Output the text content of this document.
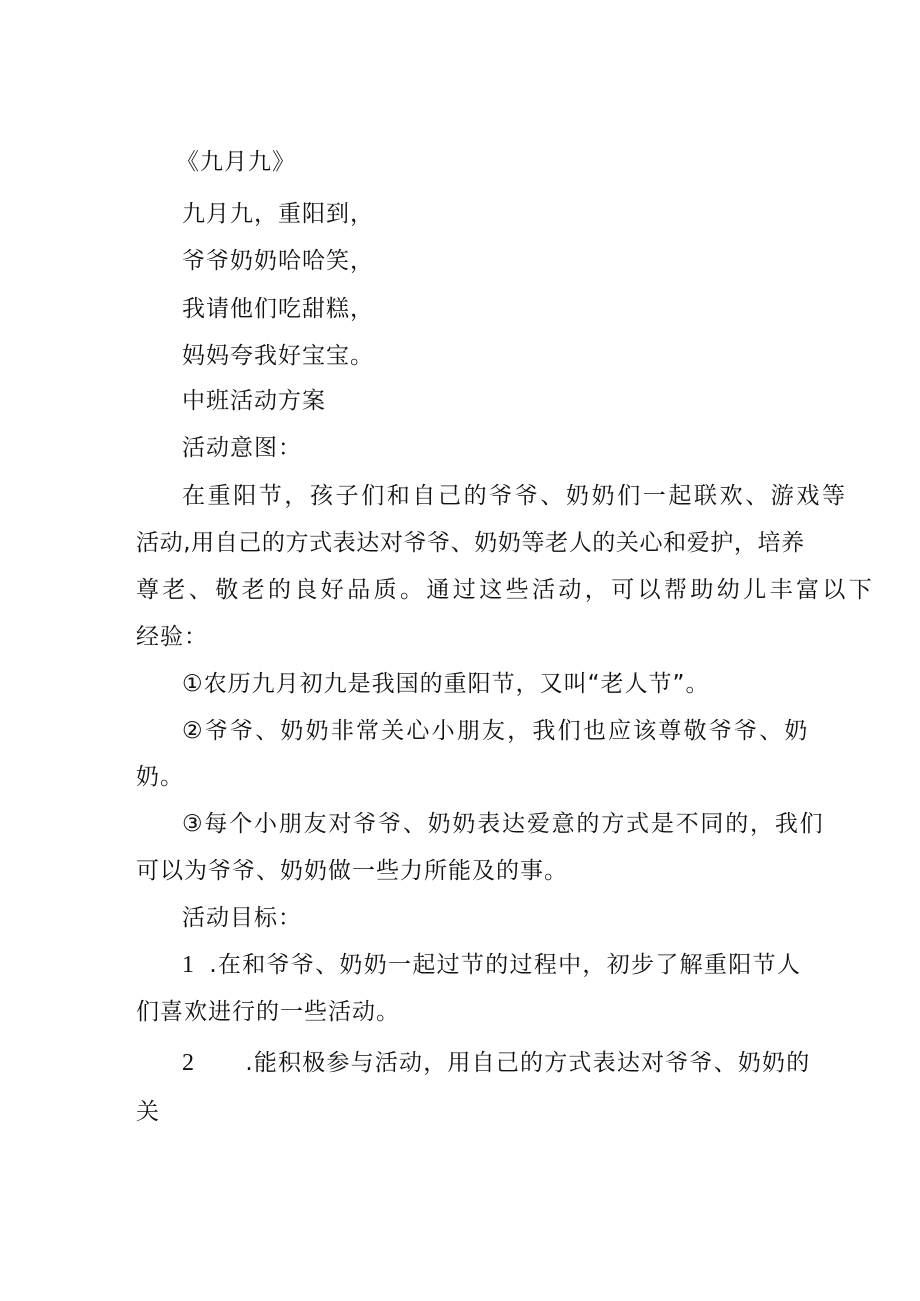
《九月九》
九月九，重阳到，
爷爷奶奶哈哈笑，
我请他们吃甜糕，
妈妈夸我好宝宝。
中班活动方案
活动意图：
在重阳节，孩子们和自己的爷爷、奶奶们一起联欢、游戏等
活动,用自己的方式表达对爷爷、奶奶等老人的关心和爱护，培养
尊老、敬老的良好品质。通过这些活动，可以帮助幼儿丰富以下
经验：
①农历九月初九是我国的重阳节，又叫“老人节”。
②爷爷、奶奶非常关心小朋友，我们也应该尊敬爷爷、奶
奶。
③每个小朋友对爷爷、奶奶表达爱意的方式是不同的，我们
可以为爷爷、奶奶做一些力所能及的事。
活动目标：
1 .在和爷爷、奶奶一起过节的过程中，初步了解重阳节人
们喜欢进行的一些活动。
2 .能积极参与活动，用自己的方式表达对爷爷、奶奶的
关
